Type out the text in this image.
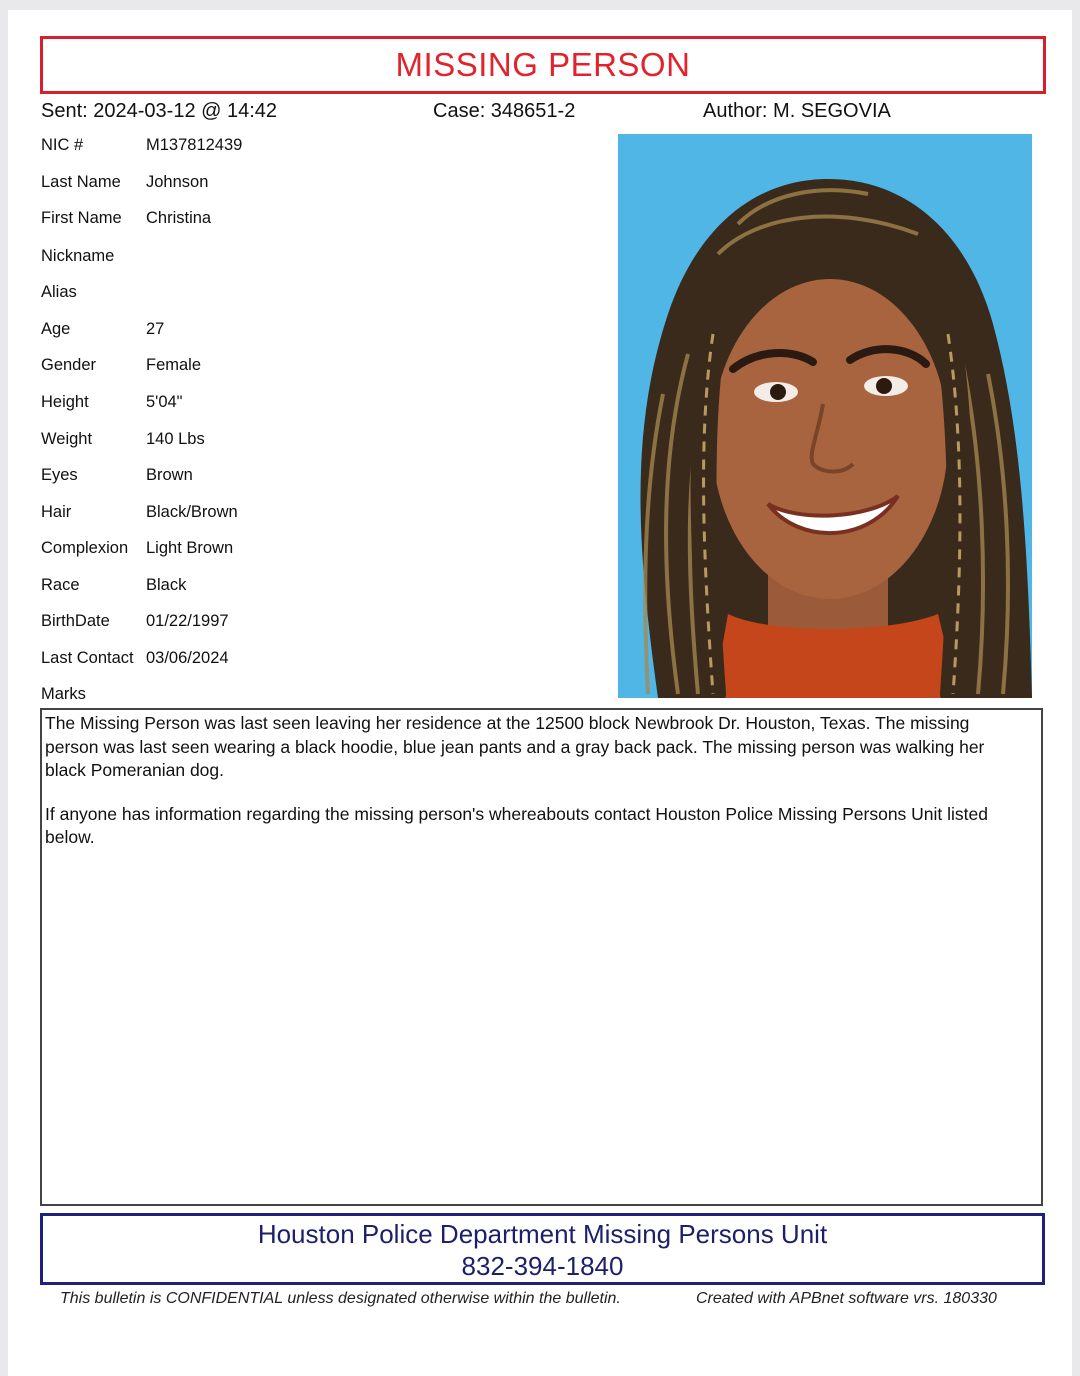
MISSING PERSON
Sent: 2024-03-12 @ 14:42	Case: 348651-2	Author: M. SEGOVIA
NIC #	M137812439
Last Name Johnson
First Name Christina
Nickname
Alias
Age	27
Gender	Female
Height	5'04"
Weight	140 Lbs
Eyes	Brown
Hair	Black/Brown
Complexion Light Brown
Race	Black
BirthDate 01/22/1997
Last Contact 03/06/2024
Marks

The Missing Person was last seen leaving her residence at the 12500 block Newbrook Dr. Houston, Texas. The missing person was last seen wearing a black hoodie, blue jean pants and a gray back pack. The missing person was walking her black Pomeranian dog.

If anyone has information regarding the missing person's whereabouts contact Houston Police Missing Persons Unit listed below.

Houston Police Department Missing Persons Unit
832-394-1840
This bulletin is CONFIDENTIAL unless designated otherwise within the bulletin.	Created with APBnet software vrs. 180330
